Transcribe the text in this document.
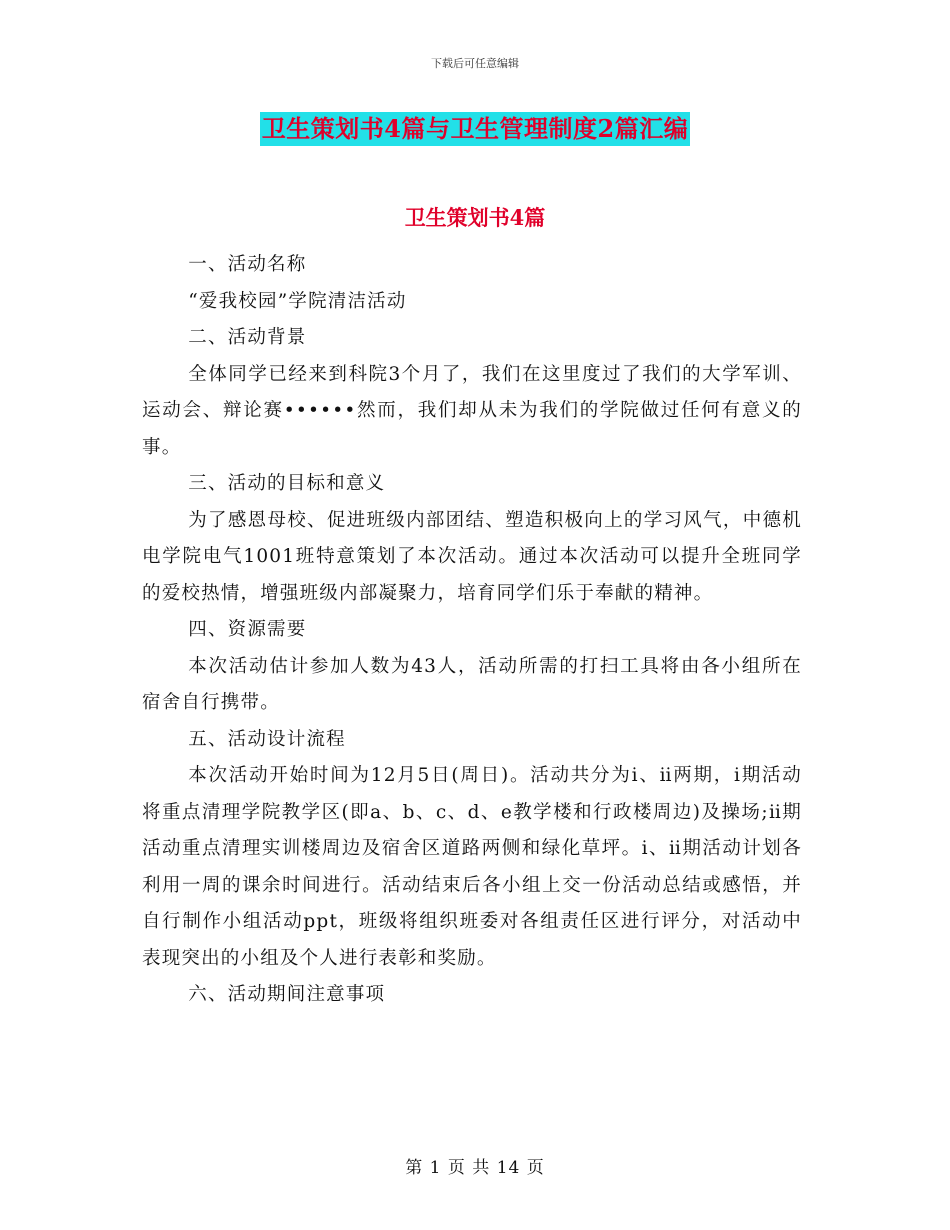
下载后可任意编辑
卫生策划书4篇与卫生管理制度2篇汇编
卫生策划书4篇

一、活动名称

“爱我校园”学院清洁活动

二、活动背景

全体同学已经来到科院3个月了，我们在这里度过了我们的大学军训、运动会、辩论赛••••••然而，我们却从未为我们的学院做过任何有意义的事。

三、活动的目标和意义

为了感恩母校、促进班级内部团结、塑造积极向上的学习风气，中德机电学院电气1001班特意策划了本次活动。通过本次活动可以提升全班同学的爱校热情，增强班级内部凝聚力，培育同学们乐于奉献的精神。

四、资源需要

本次活动估计参加人数为43人，活动所需的打扫工具将由各小组所在宿舍自行携带。

五、活动设计流程

本次活动开始时间为12月5日(周日)。活动共分为ⅰ、ⅱ两期，ⅰ期活动将重点清理学院教学区(即a、b、c、d、e教学楼和行政楼周边)及操场;ⅱ期活动重点清理实训楼周边及宿舍区道路两侧和绿化草坪。ⅰ、ⅱ期活动计划各利用一周的课余时间进行。活动结束后各小组上交一份活动总结或感悟，并自行制作小组活动ppt，班级将组织班委对各组责任区进行评分，对活动中表现突出的小组及个人进行表彰和奖励。

六、活动期间注意事项

第 1 页 共 14 页
